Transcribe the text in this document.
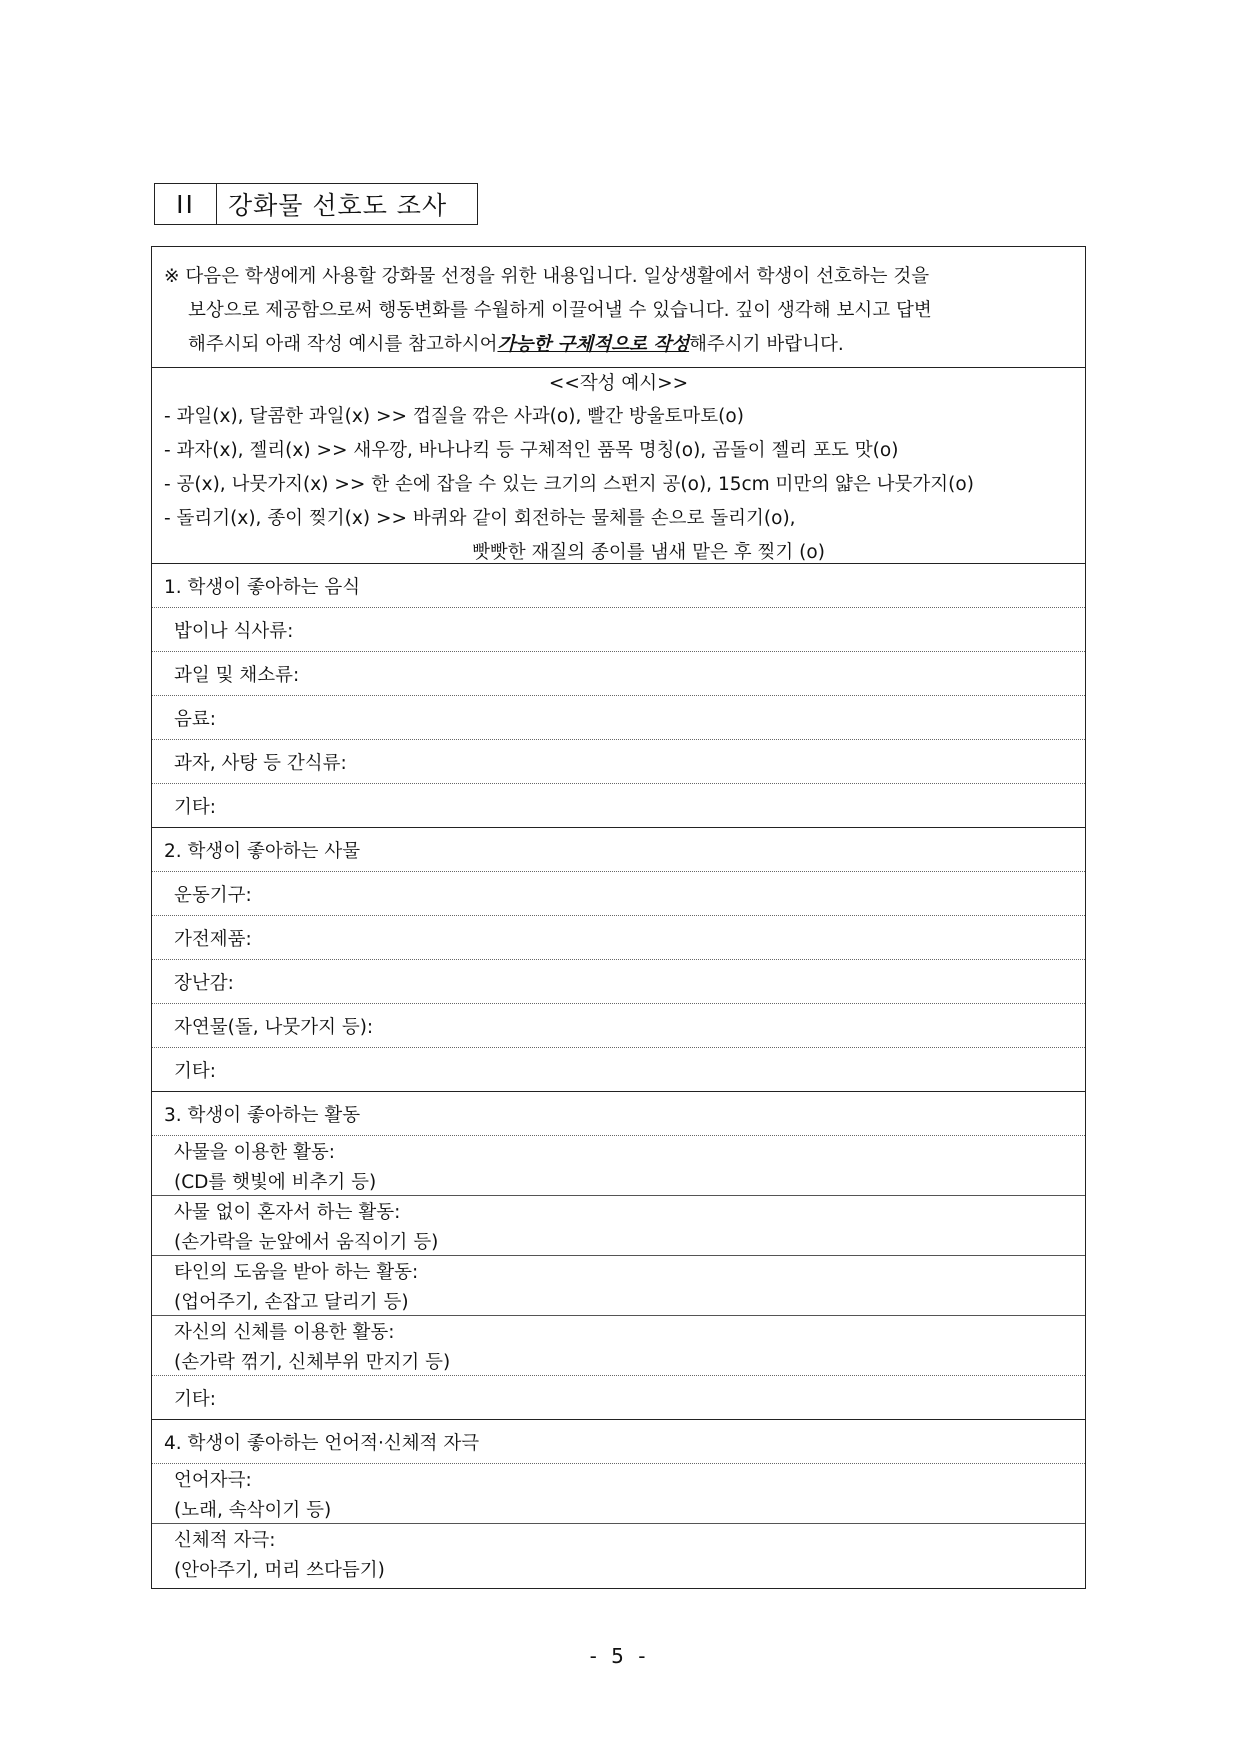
II	강화물 선호도 조사
※ 다음은 학생에게 사용할 강화물 선정을 위한 내용입니다. 일상생활에서 학생이 선호하는 것을
보상으로 제공함으로써 행동변화를 수월하게 이끌어낼 수 있습니다. 깊이 생각해 보시고 답변
해주시되 아래 작성 예시를 참고하시어 가능한 구체적으로 작성 해주시기 바랍니다.
<<작성 예시>>
- 과일(x), 달콤한 과일(x) >> 껍질을 깎은 사과(o), 빨간 방울토마토(o)
- 과자(x), 젤리(x) >> 새우깡, 바나나킥 등 구체적인 품목 명칭(o), 곰돌이 젤리 포도 맛(o)
- 공(x), 나뭇가지(x) >> 한 손에 잡을 수 있는 크기의 스펀지 공(o), 15cm 미만의 얇은 나뭇가지(o)
- 돌리기(x), 종이 찢기(x) >> 바퀴와 같이 회전하는 물체를 손으로 돌리기(o),
빳빳한 재질의 종이를 냄새 맡은 후 찢기 (o)
1. 학생이 좋아하는 음식
밥이나 식사류:
과일 및 채소류:
음료:
과자, 사탕 등 간식류:
기타:
2. 학생이 좋아하는 사물
운동기구:
가전제품:
장난감:
자연물(돌, 나뭇가지 등):
기타:
3. 학생이 좋아하는 활동
사물을 이용한 활동:
(CD를 햇빛에 비추기 등)
사물 없이 혼자서 하는 활동:
(손가락을 눈앞에서 움직이기 등)
타인의 도움을 받아 하는 활동:
(업어주기, 손잡고 달리기 등)
자신의 신체를 이용한 활동:
(손가락 꺾기, 신체부위 만지기 등)
기타:
4. 학생이 좋아하는 언어적·신체적 자극
언어자극:
(노래, 속삭이기 등)
신체적 자극:
(안아주기, 머리 쓰다듬기)
- 5 -
